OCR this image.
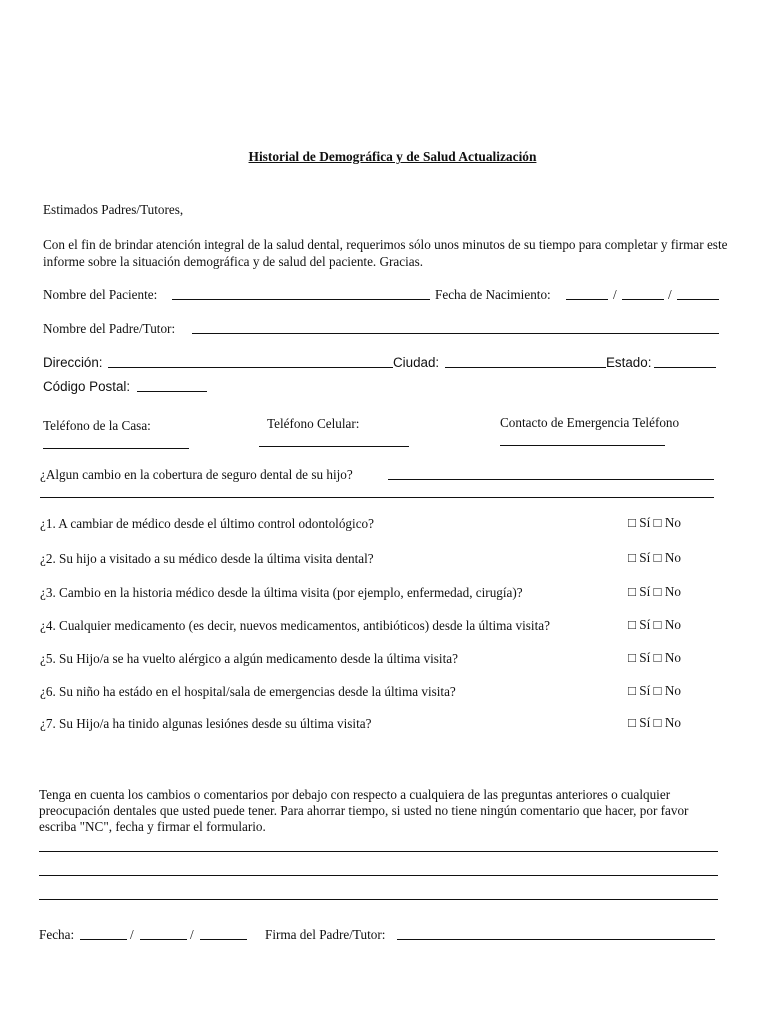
Historial de Demográfica y de Salud Actualización
Estimados Padres/Tutores,
Con el fin de brindar atención integral de la salud dental, requerimos sólo unos minutos de su tiempo para completar y firmar este informe sobre la situación demográfica y de salud del paciente. Gracias.
Nombre del Paciente:	Fecha de Nacimiento:	/	/
Nombre del Padre/Tutor:
Dirección:	Ciudad:	Estado:
Código Postal:
Teléfono de la Casa:	Teléfono Celular:	Contacto de Emergencia Teléfono
¿Algun cambio en la cobertura de seguro dental de su hijo?
¿1. A cambiar de médico desde el último control odontológico?	□ Sí □ No
¿2. Su hijo a visitado a su médico desde la última visita dental?	□ Sí □ No
¿3. Cambio en la historia médico desde la última visita (por ejemplo, enfermedad, cirugía)?	□ Sí □ No
¿4. Cualquier medicamento (es decir, nuevos medicamentos, antibióticos) desde la última visita?	□ Sí □ No
¿5. Su Hijo/a se ha vuelto alérgico a algún medicamento desde la última visita?	□ Sí □ No
¿6. Su niño ha estádo en el hospital/sala de emergencias desde la última visita?	□ Sí □ No
¿7. Su Hijo/a ha tinido algunas lesiónes desde su última visita?	□ Sí □ No
Tenga en cuenta los cambios o comentarios por debajo con respecto a cualquiera de las preguntas anteriores o cualquier preocupación dentales que usted puede tener. Para ahorrar tiempo, si usted no tiene ningún comentario que hacer, por favor escriba "NC", fecha y firmar el formulario.
Fecha:	/	/	Firma del Padre/Tutor:
